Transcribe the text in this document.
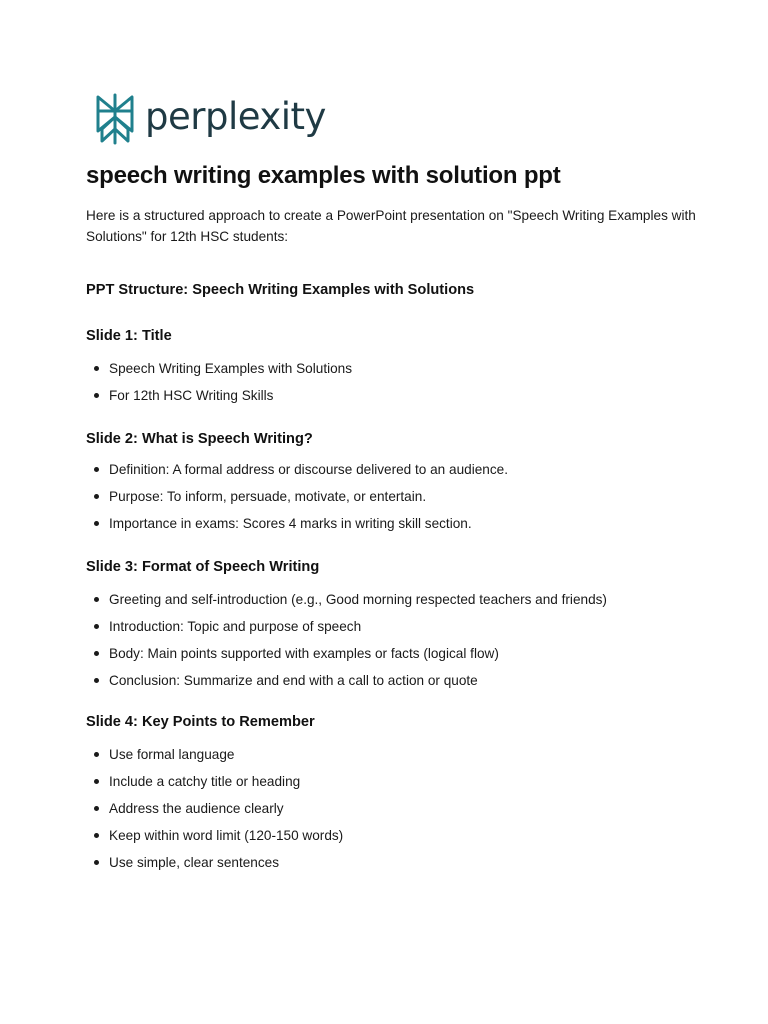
perplexity
speech writing examples with solution ppt

Here is a structured approach to create a PowerPoint presentation on "Speech Writing Examples with Solutions" for 12th HSC students:

PPT Structure: Speech Writing Examples with Solutions
Slide 1: Title
Speech Writing Examples with Solutions
For 12th HSC Writing Skills
Slide 2: What is Speech Writing?
Definition: A formal address or discourse delivered to an audience.
Purpose: To inform, persuade, motivate, or entertain.
Importance in exams: Scores 4 marks in writing skill section.
Slide 3: Format of Speech Writing
Greeting and self-introduction (e.g., Good morning respected teachers and friends)
Introduction: Topic and purpose of speech
Body: Main points supported with examples or facts (logical flow)
Conclusion: Summarize and end with a call to action or quote
Slide 4: Key Points to Remember
Use formal language
Include a catchy title or heading
Address the audience clearly
Keep within word limit (120-150 words)
Use simple, clear sentences
